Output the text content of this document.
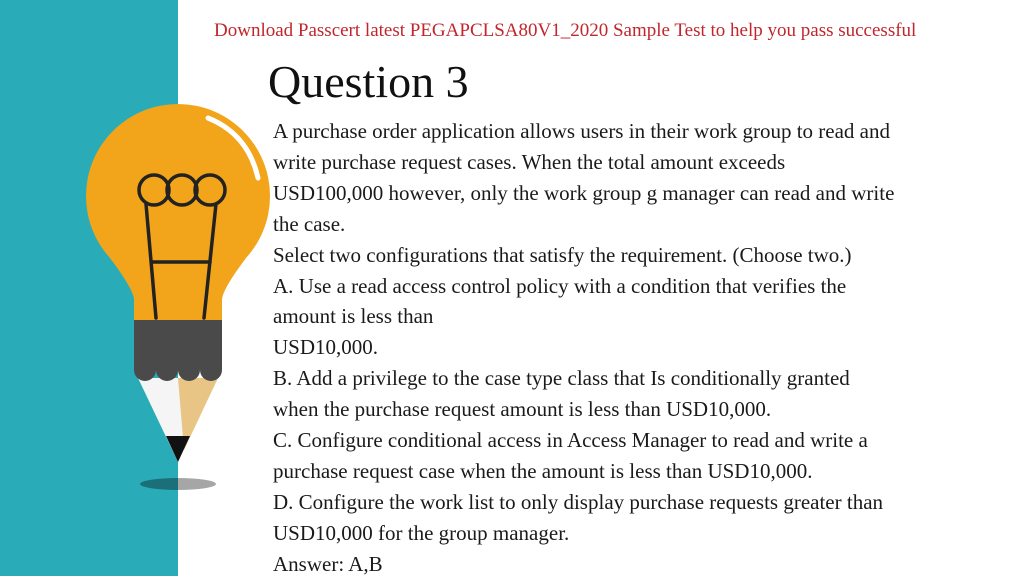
Download Passcert latest PEGAPCLSA80V1_2020 Sample Test to help you pass successful
Question 3
A purchase order application allows users in their work group to read and
write purchase request cases. When the total amount exceeds
USD100,000 however, only the work group g manager can read and write
the case.
Select two configurations that satisfy the requirement. (Choose two.)
A. Use a read access control policy with a condition that verifies the
amount is less than
USD10,000.
B. Add a privilege to the case type class that Is conditionally granted
when the purchase request amount is less than USD10,000.
C. Configure conditional access in Access Manager to read and write a
purchase request case when the amount is less than USD10,000.
D. Configure the work list to only display purchase requests greater than
USD10,000 for the group manager.
Answer: A,B
